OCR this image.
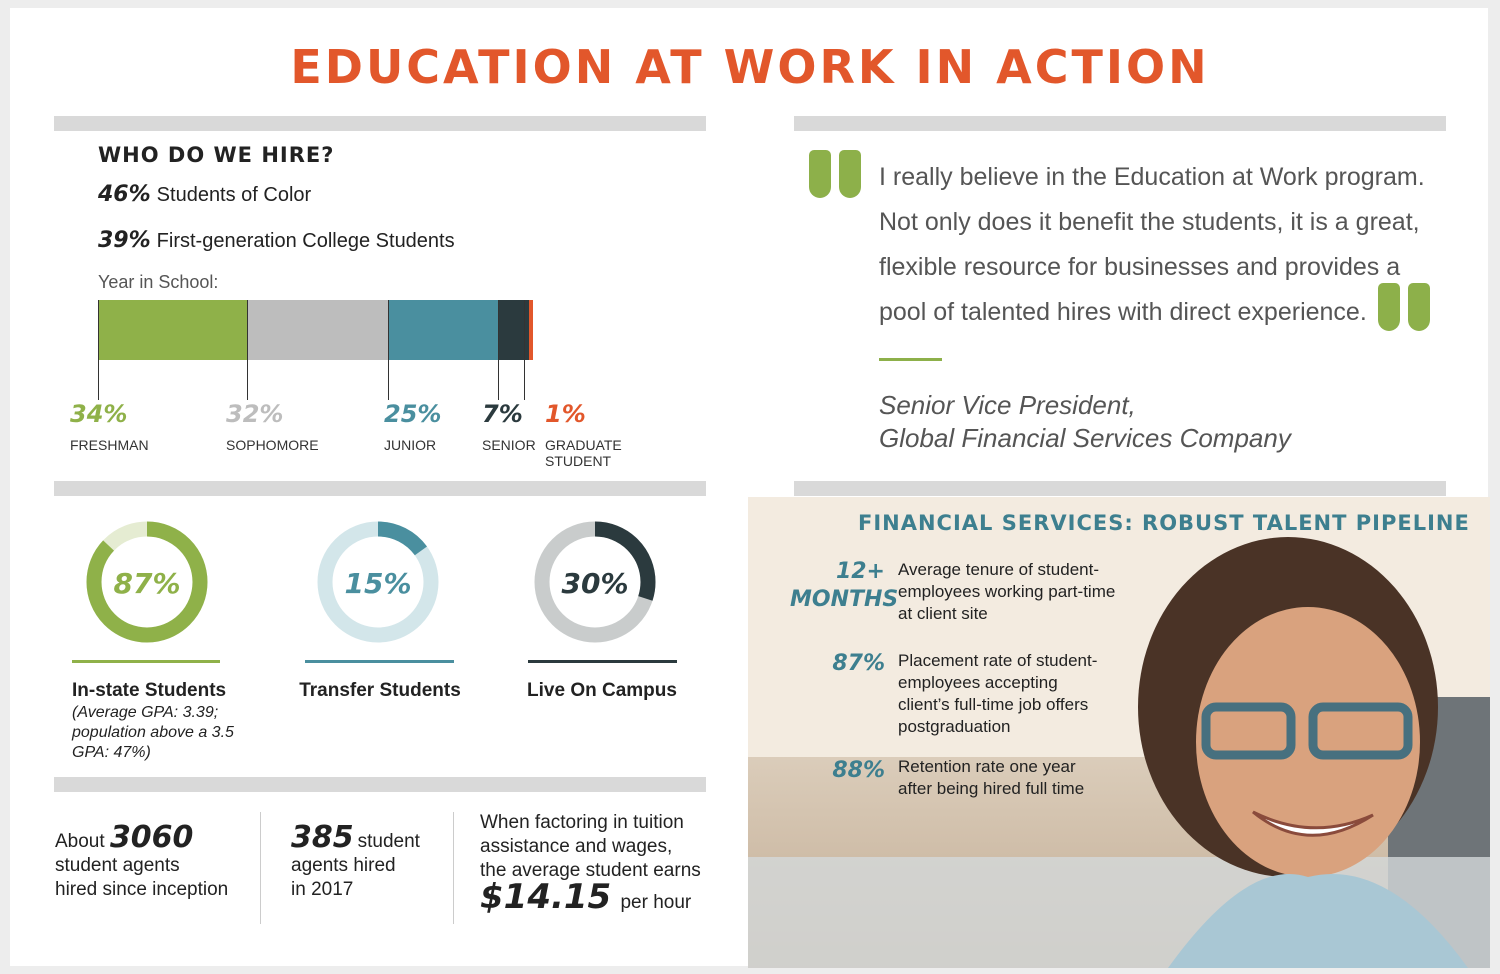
EDUCATION AT WORK IN ACTION
WHO DO WE HIRE?
46% Students of Color
39% First-generation College Students
Year in School:
34%
FRESHMAN
32%
SOPHOMORE
25%
JUNIOR
7%
SENIOR
1%
GRADUATE STUDENT
I really believe in the Education at Work program. Not only does it benefit the students, it is a great, flexible resource for businesses and provides a pool of talented hires with direct experience.
Senior Vice President,
Global Financial Services Company
87%	15%	30%
In-state Students
(Average GPA: 3.39; population above a 3.5 GPA: 47%)
Transfer Students	Live On Campus
About 3060
student agents
hired since inception
385 student
agents hired
in 2017
When factoring in tuition
assistance and wages,
the average student earns
$14.15 per hour
FINANCIAL SERVICES: ROBUST TALENT PIPELINE
12+
MONTHS
Average tenure of student-
employees working part-time
at client site
87% Placement rate of student-
employees accepting
client’s full-time job offers
postgraduation
88% Retention rate one year
after being hired full time
